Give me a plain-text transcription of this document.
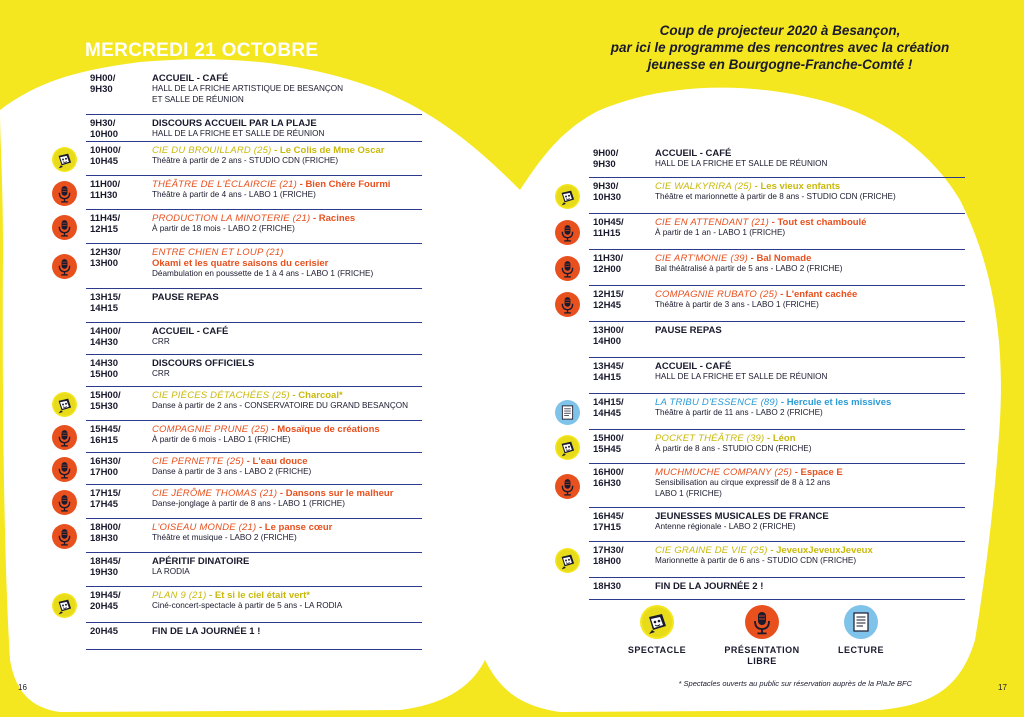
Coup de projecteur 2020 à Besançon,
par ici le programme des rencontres avec la création
jeunesse en Bourgogne-Franche-Comté !
MERCREDI 21 OCTOBRE
9H00/
9H30
ACCUEIL - CAFÉ
HALL DE LA FRICHE ARTISTIQUE DE BESANÇON
ET SALLE DE RÉUNION
9H30/
10H00
DISCOURS ACCUEIL PAR LA PLAJE
HALL DE LA FRICHE ET SALLE DE RÉUNION
10H00/
10H45
CIE DU BROUILLARD (25) - Le Colis de Mme Oscar
Théâtre à partir de 2 ans - STUDIO CDN (FRICHE)
11H00/
11H30
THÉÂTRE DE L'ÉCLAIRCIE (21) - Bien Chère Fourmi
Théâtre à partir de 4 ans - LABO 1 (FRICHE)
11H45/
12H15
PRODUCTION LA MINOTERIE (21) - Racines
À partir de 18 mois - LABO 2 (FRICHE)
12H30/
13H00
ENTRE CHIEN ET LOUP (21)
Okami et les quatre saisons du cerisier
Déambulation en poussette de 1 à 4 ans - LABO 1 (FRICHE)
13H15/
14H15
PAUSE REPAS
14H00/
14H30
ACCUEIL - CAFÉ
CRR
14H30
15H00
DISCOURS OFFICIELS
CRR
15H00/
15H30
CIE PIÈCES DÉTACHÉES (25) - Charcoal*
Danse à partir de 2 ans - CONSERVATOIRE DU GRAND BESANÇON
15H45/
16H15
COMPAGNIE PRUNE (25) - Mosaïque de créations
À partir de 6 mois - LABO 1 (FRICHE)
16H30/
17H00
CIE PERNETTE (25) - L'eau douce
Danse à partir de 3 ans - LABO 2 (FRICHE)
17H15/
17H45
CIE JÉRÔME THOMAS (21) - Dansons sur le malheur
Danse-jonglage à partir de 8 ans - LABO 1 (FRICHE)
18H00/
18H30
L'OISEAU MONDE (21) - Le panse cœur
Théâtre et musique - LABO 2 (FRICHE)
18H45/
19H30
APÉRITIF DINATOIRE
LA RODIA
19H45/
20H45
PLAN 9 (21) - Et si le ciel était vert*
Ciné-concert-spectacle à partir de 5 ans - LA RODIA
20H45	FIN DE LA JOURNÉE 1 !
16
JEUDI 22 OCTOBRE
9H00/
9H30
ACCUEIL - CAFÉ
HALL DE LA FRICHE ET SALLE DE RÉUNION
9H30/
10H30
CIE WALKYRIRA (25) - Les vieux enfants
Théâtre et marionnette à partir de 8 ans - STUDIO CDN (FRICHE)
10H45/
11H15
CIE EN ATTENDANT (21) - Tout est chamboulé
À partir de 1 an - LABO 1 (FRICHE)
11H30/
12H00
CIE ART'MONIE (39) - Bal Nomade
Bal théâtralisé à partir de 5 ans - LABO 2 (FRICHE)
12H15/
12H45
COMPAGNIE RUBATO (25) - L'enfant cachée
Théâtre à partir de 3 ans - LABO 1 (FRICHE)
13H00/
14H00
PAUSE REPAS
13H45/
14H15
ACCUEIL - CAFÉ
HALL DE LA FRICHE ET SALLE DE RÉUNION
14H15/
14H45
LA TRIBU D'ESSENCE (89) - Hercule et les missives
Théâtre à partir de 11 ans - LABO 2 (FRICHE)
15H00/
15H45
POCKET THÉÂTRE (39) - Léon
À partir de 8 ans - STUDIO CDN (FRICHE)
16H00/
16H30
MUCHMUCHE COMPANY (25) - Espace E
Sensibilisation au cirque expressif de 8 à 12 ans
LABO 1 (FRICHE)
16H45/
17H15
JEUNESSES MUSICALES DE FRANCE
Antenne régionale - LABO 2 (FRICHE)
17H30/
18H00
CIE GRAINE DE VIE (25) - JeveuxJeveuxJeveux
Marionnette à partir de 6 ans - STUDIO CDN (FRICHE)
18H30	FIN DE LA JOURNÉE 2 !
17
SPECTACLE	PRÉSENTATION
LIBRE
LECTURE
* Spectacles ouverts au public sur réservation auprès de la PlaJe BFC
